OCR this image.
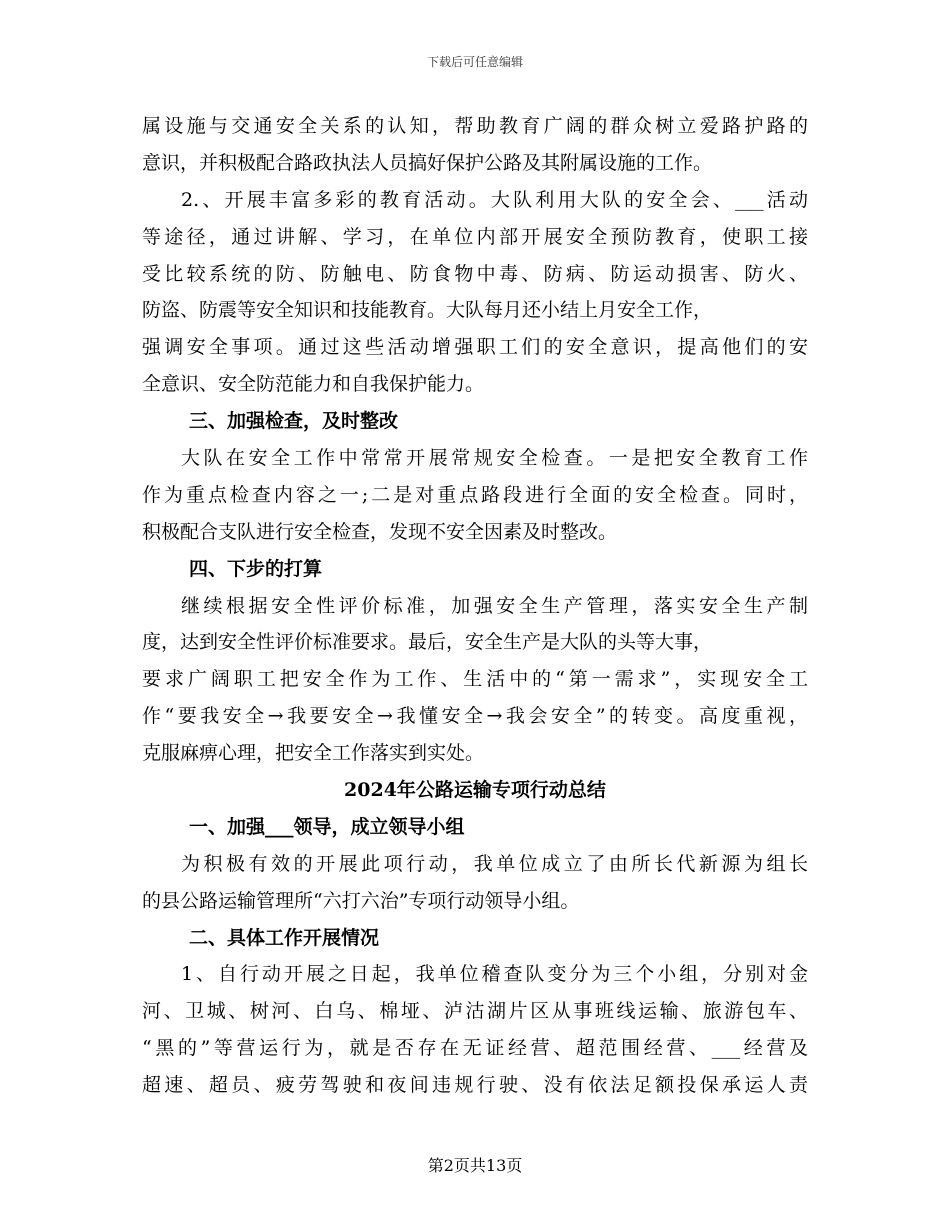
下载后可任意编辑
属设施与交通安全关系的认知，帮助教育广阔的群众树立爱路护路的
意识，并积极配合路政执法人员搞好保护公路及其附属设施的工作。
2.、开展丰富多彩的教育活动。大队利用大队的安全会、___活动
等途径，通过讲解、学习，在单位内部开展安全预防教育，使职工接
受比较系统的防、防触电、防食物中毒、防病、防运动损害、防火、
防盗、防震等安全知识和技能教育。大队每月还小结上月安全工作，
强调安全事项。通过这些活动增强职工们的安全意识，提高他们的安
全意识、安全防范能力和自我保护能力。
三、加强检查，及时整改
大队在安全工作中常常开展常规安全检查。一是把安全教育工作
作为重点检查内容之一;二是对重点路段进行全面的安全检查。同时，
积极配合支队进行安全检查，发现不安全因素及时整改。
四、下步的打算
继续根据安全性评价标准，加强安全生产管理，落实安全生产制
度，达到安全性评价标准要求。最后，安全生产是大队的头等大事，
要求广阔职工把安全作为工作、生活中的“第一需求”，实现安全工
作“要我安全→我要安全→我懂安全→我会安全”的转变。高度重视，
克服麻痹心理，把安全工作落实到实处。
2024年公路运输专项行动总结
一、加强___领导，成立领导小组
为积极有效的开展此项行动，我单位成立了由所长代新源为组长
的县公路运输管理所“六打六治”专项行动领导小组。
二、具体工作开展情况
1、自行动开展之日起，我单位稽查队变分为三个小组，分别对金
河、卫城、树河、白乌、棉垭、泸沽湖片区从事班线运输、旅游包车、
“黑的”等营运行为，就是否存在无证经营、超范围经营、___经营及
超速、超员、疲劳驾驶和夜间违规行驶、没有依法足额投保承运人责
第2页共13页
